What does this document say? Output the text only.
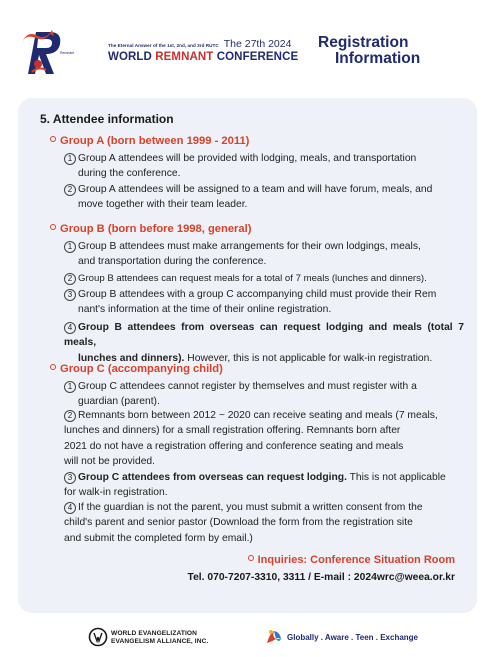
Remnant
The Eternal Answer of the 1st, 2nd, and 3rd RUTC The 27th 2024
WORLD REMNANT CONFERENCE
Registration
Information
5. Attendee information
Group A (born between 1999 - 2011)
1 Group A attendees will be provided with lodging, meals, and transportation
during the conference.
2 Group A attendees will be assigned to a team and will have forum, meals, and
move together with their team leader.
Group B (born before 1998, general)
1 Group B attendees must make arrangements for their own lodgings, meals,
and transportation during the conference.
2 Group B attendees can request meals for a total of 7 meals (lunches and dinners).
3 Group B attendees with a group C accompanying child must provide their Rem
nant's information at the time of their online registration.
4 Group B attendees from overseas can request lodging and meals (total 7 meals,
lunches and dinners). However, this is not applicable for walk-in registration.
Group C (accompanying child)
1 Group C attendees cannot register by themselves and must register with a
guardian (parent).
2 Remnants born between 2012 ~ 2020 can receive seating and meals (7 meals,
lunches and dinners) for a small registration offering. Remnants born after
2021 do not have a registration offering and conference seating and meals
will not be provided.
3 Group C attendees from overseas can request lodging. This is not applicable
for walk-in registration.
4 If the guardian is not the parent, you must submit a written consent from the
child's parent and senior pastor (Download the form from the registration site
and submit the completed form by email.)
Inquiries: Conference Situation Room
Tel. 070-7207-3310, 3311 / E-mail : 2024wrc@weea.or.kr
WORLD EVANGELIZATION
EVANGELISM ALLIANCE, INC.	Globally . Aware . Teen . Exchange
